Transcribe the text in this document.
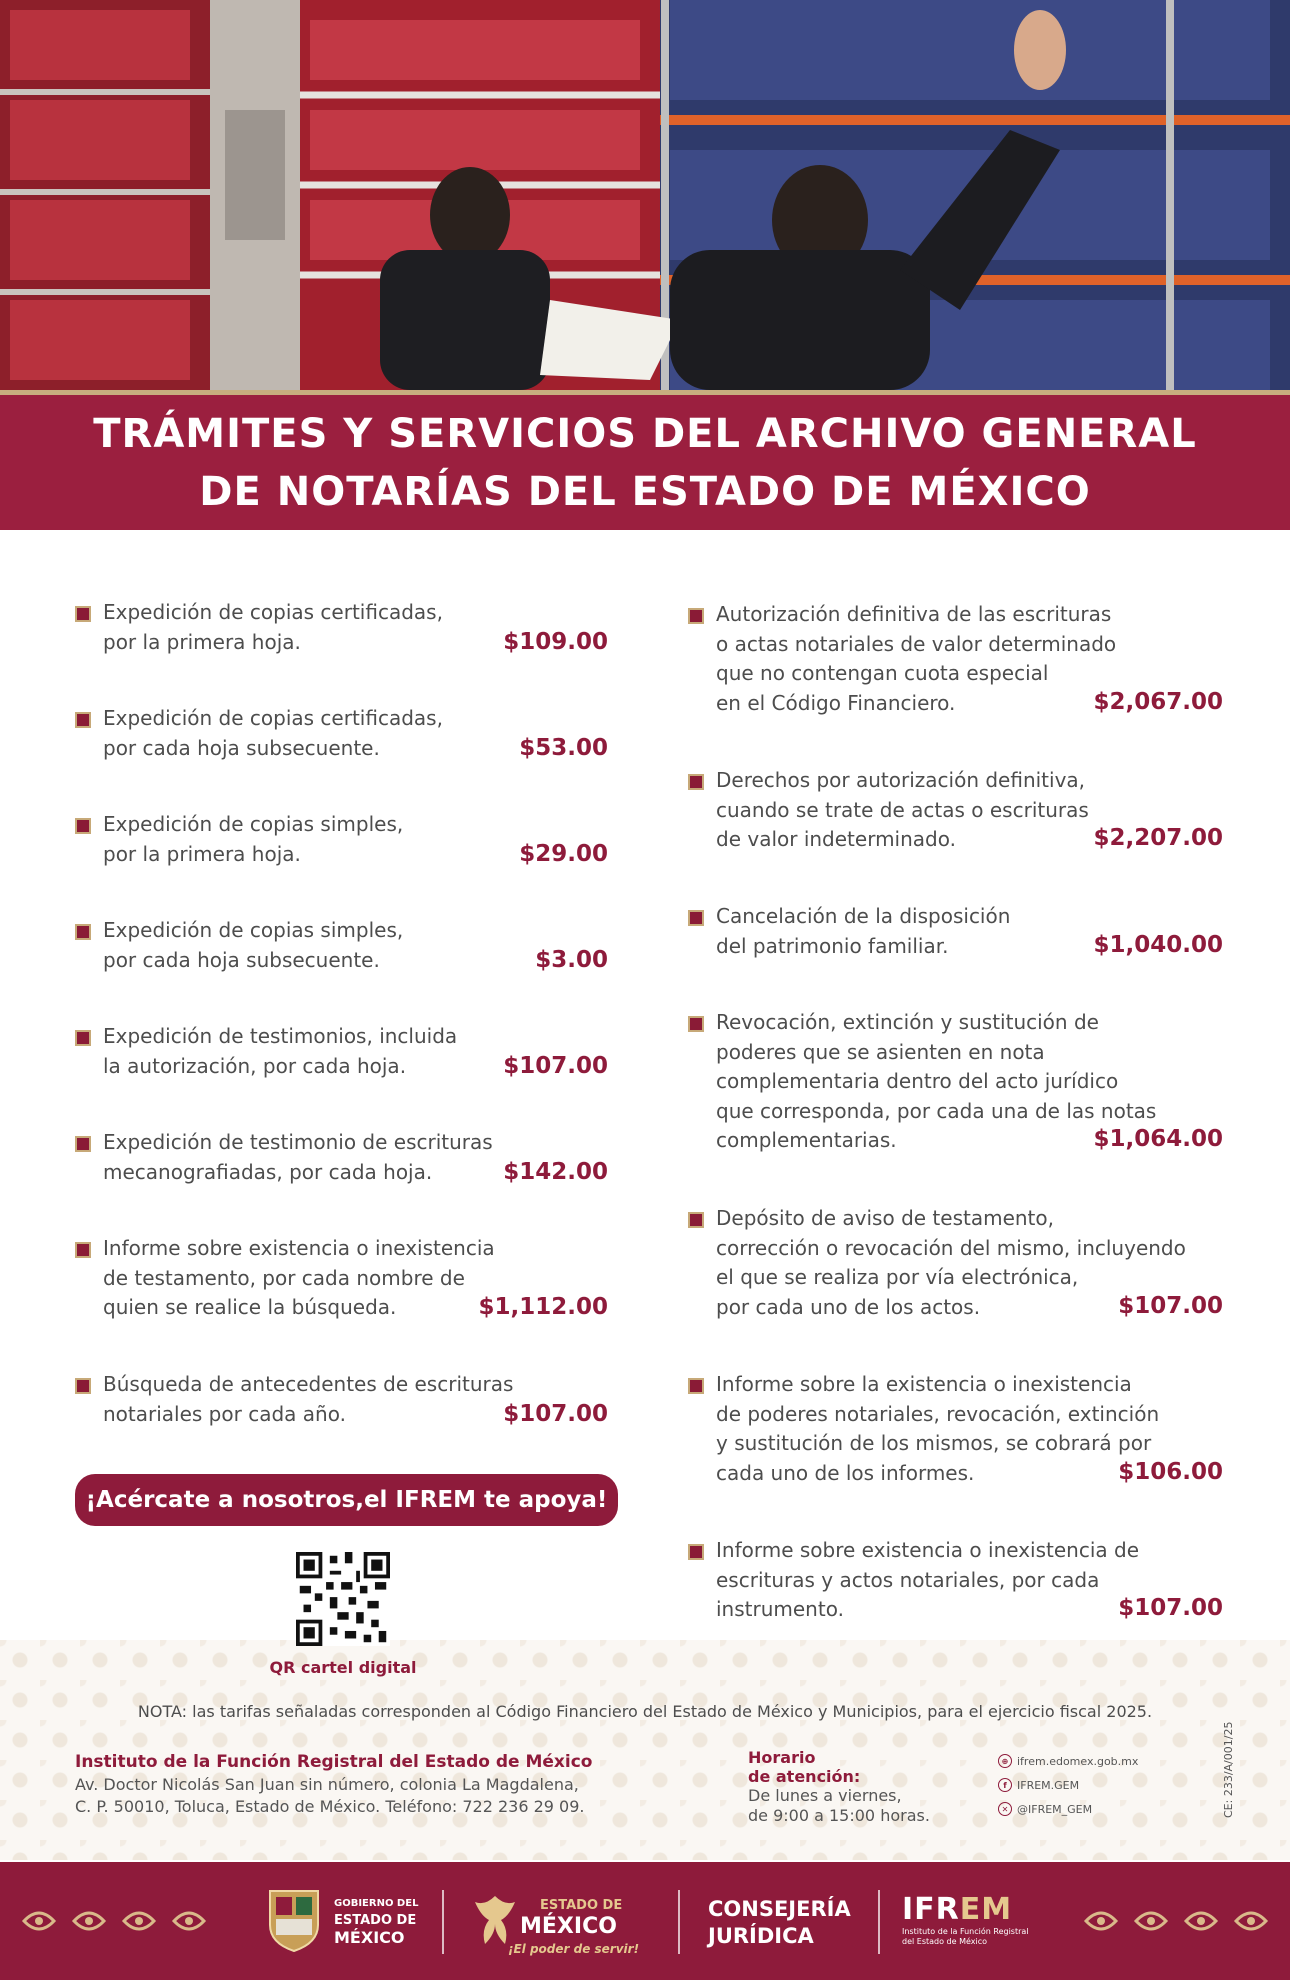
TRÁMITES Y SERVICIOS DEL ARCHIVO GENERAL
DE NOTARÍAS DEL ESTADO DE MÉXICO
Expedición de copias certificadas,
por la primera hoja.	$109.00
Expedición de copias certificadas,
por cada hoja subsecuente.	$53.00
Expedición de copias simples,
por la primera hoja.	$29.00
Expedición de copias simples,
por cada hoja subsecuente.	$3.00
Expedición de testimonios, incluida
la autorización, por cada hoja.	$107.00
Expedición de testimonio de escrituras
mecanografiadas, por cada hoja.	$142.00
Informe sobre existencia o inexistencia
de testamento, por cada nombre de
quien se realice la búsqueda.	$1,112.00
Búsqueda de antecedentes de escrituras
notariales por cada año.	$107.00
Autorización definitiva de las escrituras
o actas notariales de valor determinado
que no contengan cuota especial
en el Código Financiero.	$2,067.00
Derechos por autorización definitiva,
cuando se trate de actas o escrituras
de valor indeterminado.	$2,207.00
Cancelación de la disposición
del patrimonio familiar.	$1,040.00
Revocación, extinción y sustitución de
poderes que se asienten en nota
complementaria dentro del acto jurídico
que corresponda, por cada una de las notas
complementarias.	$1,064.00
Depósito de aviso de testamento,
corrección o revocación del mismo, incluyendo
el que se realiza por vía electrónica,
por cada uno de los actos.	$107.00
Informe sobre la existencia o inexistencia
de poderes notariales, revocación, extinción
y sustitución de los mismos, se cobrará por
cada uno de los informes.	$106.00
Informe sobre existencia o inexistencia de
escrituras y actos notariales, por cada
instrumento.	$107.00
¡Acércate a nosotros,el IFREM te apoya!
QR cartel digital
NOTA: las tarifas señaladas corresponden al Código Financiero del Estado de México y Municipios, para el ejercicio fiscal 2025.
Instituto de la Función Registral del Estado de México
Av. Doctor Nicolás San Juan sin número, colonia La Magdalena,
C. P. 50010, Toluca, Estado de México. Teléfono: 722 236 29 09.
Horario
de atención:
De lunes a viernes,
de 9:00 a 15:00 horas.
⊕ ifrem.edomex.gob.mx
f IFREM.GEM
✕ @IFREM_GEM	CE: 233/A/001/25
GOBIERNO DEL
ESTADO DE
MÉXICO
ESTADO DE
MÉXICO
¡El poder de servir!
CONSEJERÍA
JURÍDICA
IFREM
Instituto de la Función Registral
del Estado de México
